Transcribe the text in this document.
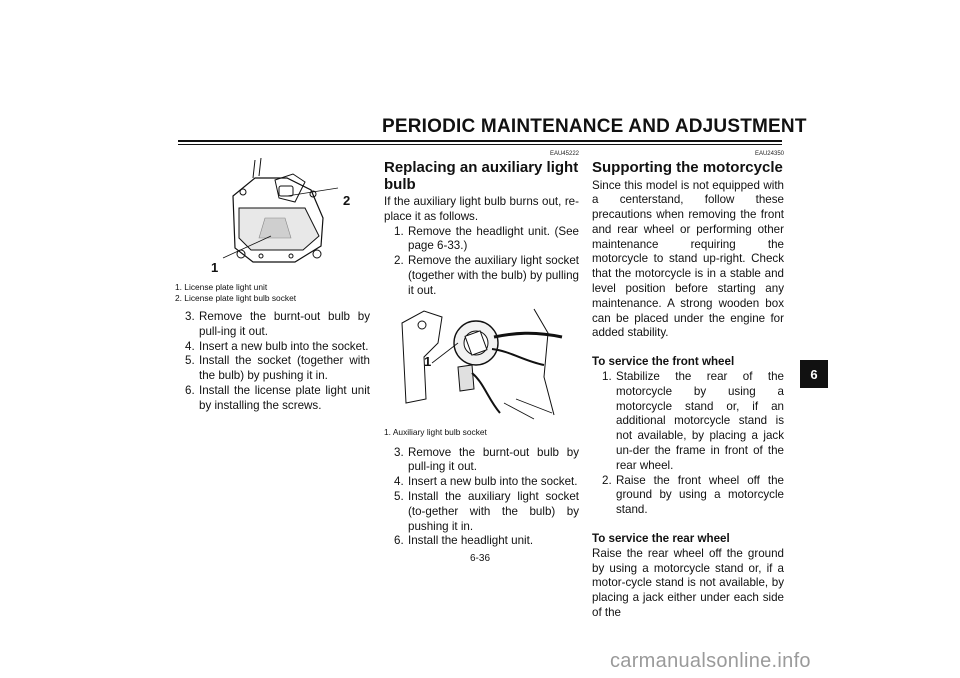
PERIODIC MAINTENANCE AND ADJUSTMENT
2
1
1. License plate light unit
2. License plate light bulb socket
3. Remove the burnt-out bulb by pull-ing it out.
4. Insert a new bulb into the socket.
5. Install the socket (together with the bulb) by pushing it in.
6. Install the license plate light unit by installing the screws.
EAU45222
Replacing an auxiliary light bulb

If the auxiliary light bulb burns out, re-place it as follows.

1. Remove the headlight unit. (See page 6-33.)
2. Remove the auxiliary light socket (together with the bulb) by pulling it out.
1
1. Auxiliary light bulb socket
3. Remove the burnt-out bulb by pull-ing it out.
4. Insert a new bulb into the socket.
5. Install the auxiliary light socket (to-gether with the bulb) by pushing it in.
6. Install the headlight unit.
EAU24350
Supporting the motorcycle

Since this model is not equipped with a centerstand, follow these precautions when removing the front and rear wheel or performing other maintenance requiring the motorcycle to stand up-right. Check that the motorcycle is in a stable and level position before starting any maintenance. A strong wooden box can be placed under the engine for added stability.

To service the front wheel
1. Stabilize the rear of the motorcycle by using a motorcycle stand or, if an additional motorcycle stand is not available, by placing a jack un-der the frame in front of the rear wheel.
2. Raise the front wheel off the ground by using a motorcycle stand.
To service the rear wheel

Raise the rear wheel off the ground by using a motorcycle stand or, if a motor-cycle stand is not available, by placing a jack either under each side of the

6
6-36
carmanualsonline.info
